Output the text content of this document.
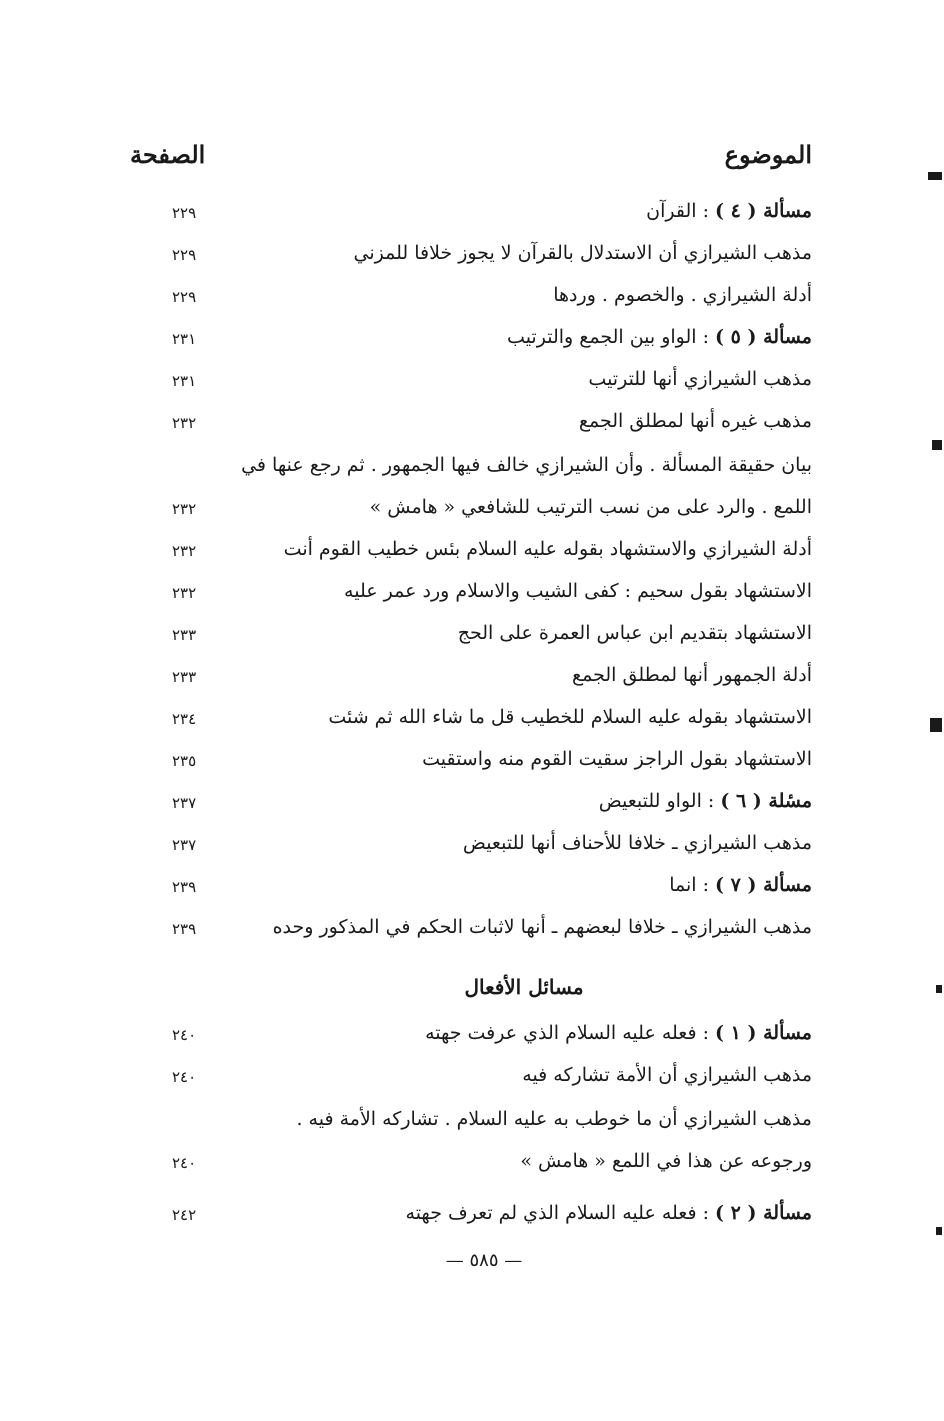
الموضوع
الصفحة
مسألة ( ٤ ) : القرآن
٢٢٩
مذهب الشيرازي أن الاستدلال بالقرآن لا يجوز خلافا للمزني
٢٢٩
أدلة الشيرازي . والخصوم . وردها
٢٢٩
مسألة ( ٥ ) : الواو بين الجمع والترتيب
٢٣١
مذهب الشيرازي أنها للترتيب
٢٣١
مذهب غيره أنها لمطلق الجمع
٢٣٢
بيان حقيقة المسألة . وأن الشيرازي خالف فيها الجمهور . ثم رجع عنها في
اللمع . والرد على من نسب الترتيب للشافعي « هامش »
٢٣٢
أدلة الشيرازي والاستشهاد بقوله عليه السلام بئس خطيب القوم أنت
٢٣٢
الاستشهاد بقول سحيم : كفى الشيب والاسلام ورد عمر عليه
٢٣٢
الاستشهاد بتقديم ابن عباس العمرة على الحج
٢٣٣
أدلة الجمهور أنها لمطلق الجمع
٢٣٣
الاستشهاد بقوله عليه السلام للخطيب قل ما شاء الله ثم شئت
٢٣٤
الاستشهاد بقول الراجز سقيت القوم منه واستقيت
٢٣٥
مسٔلة ( ٦ ) : الواو للتبعيض
٢٣٧
مذهب الشيرازي ـ خلافا للأحناف أنها للتبعيض
٢٣٧
مسألة ( ٧ ) : انما
٢٣٩
مذهب الشيرازي ـ خلافا لبعضهم ـ أنها لاثبات الحكم في المذكور وحده
٢٣٩
مسائل الأفعال
مسألة ( ١ ) : فعله عليه السلام الذي عرفت جهته
٢٤٠
مذهب الشيرازي أن الأمة تشاركه فيه
٢٤٠
مذهب الشيرازي أن ما خوطب به عليه السلام . تشاركه الأمة فيه .
ورجوعه عن هذا في اللمع « هامش »
٢٤٠
مسألة ( ٢ ) : فعله عليه السلام الذي لم تعرف جهته
٢٤٢
— ٥٨٥ —
